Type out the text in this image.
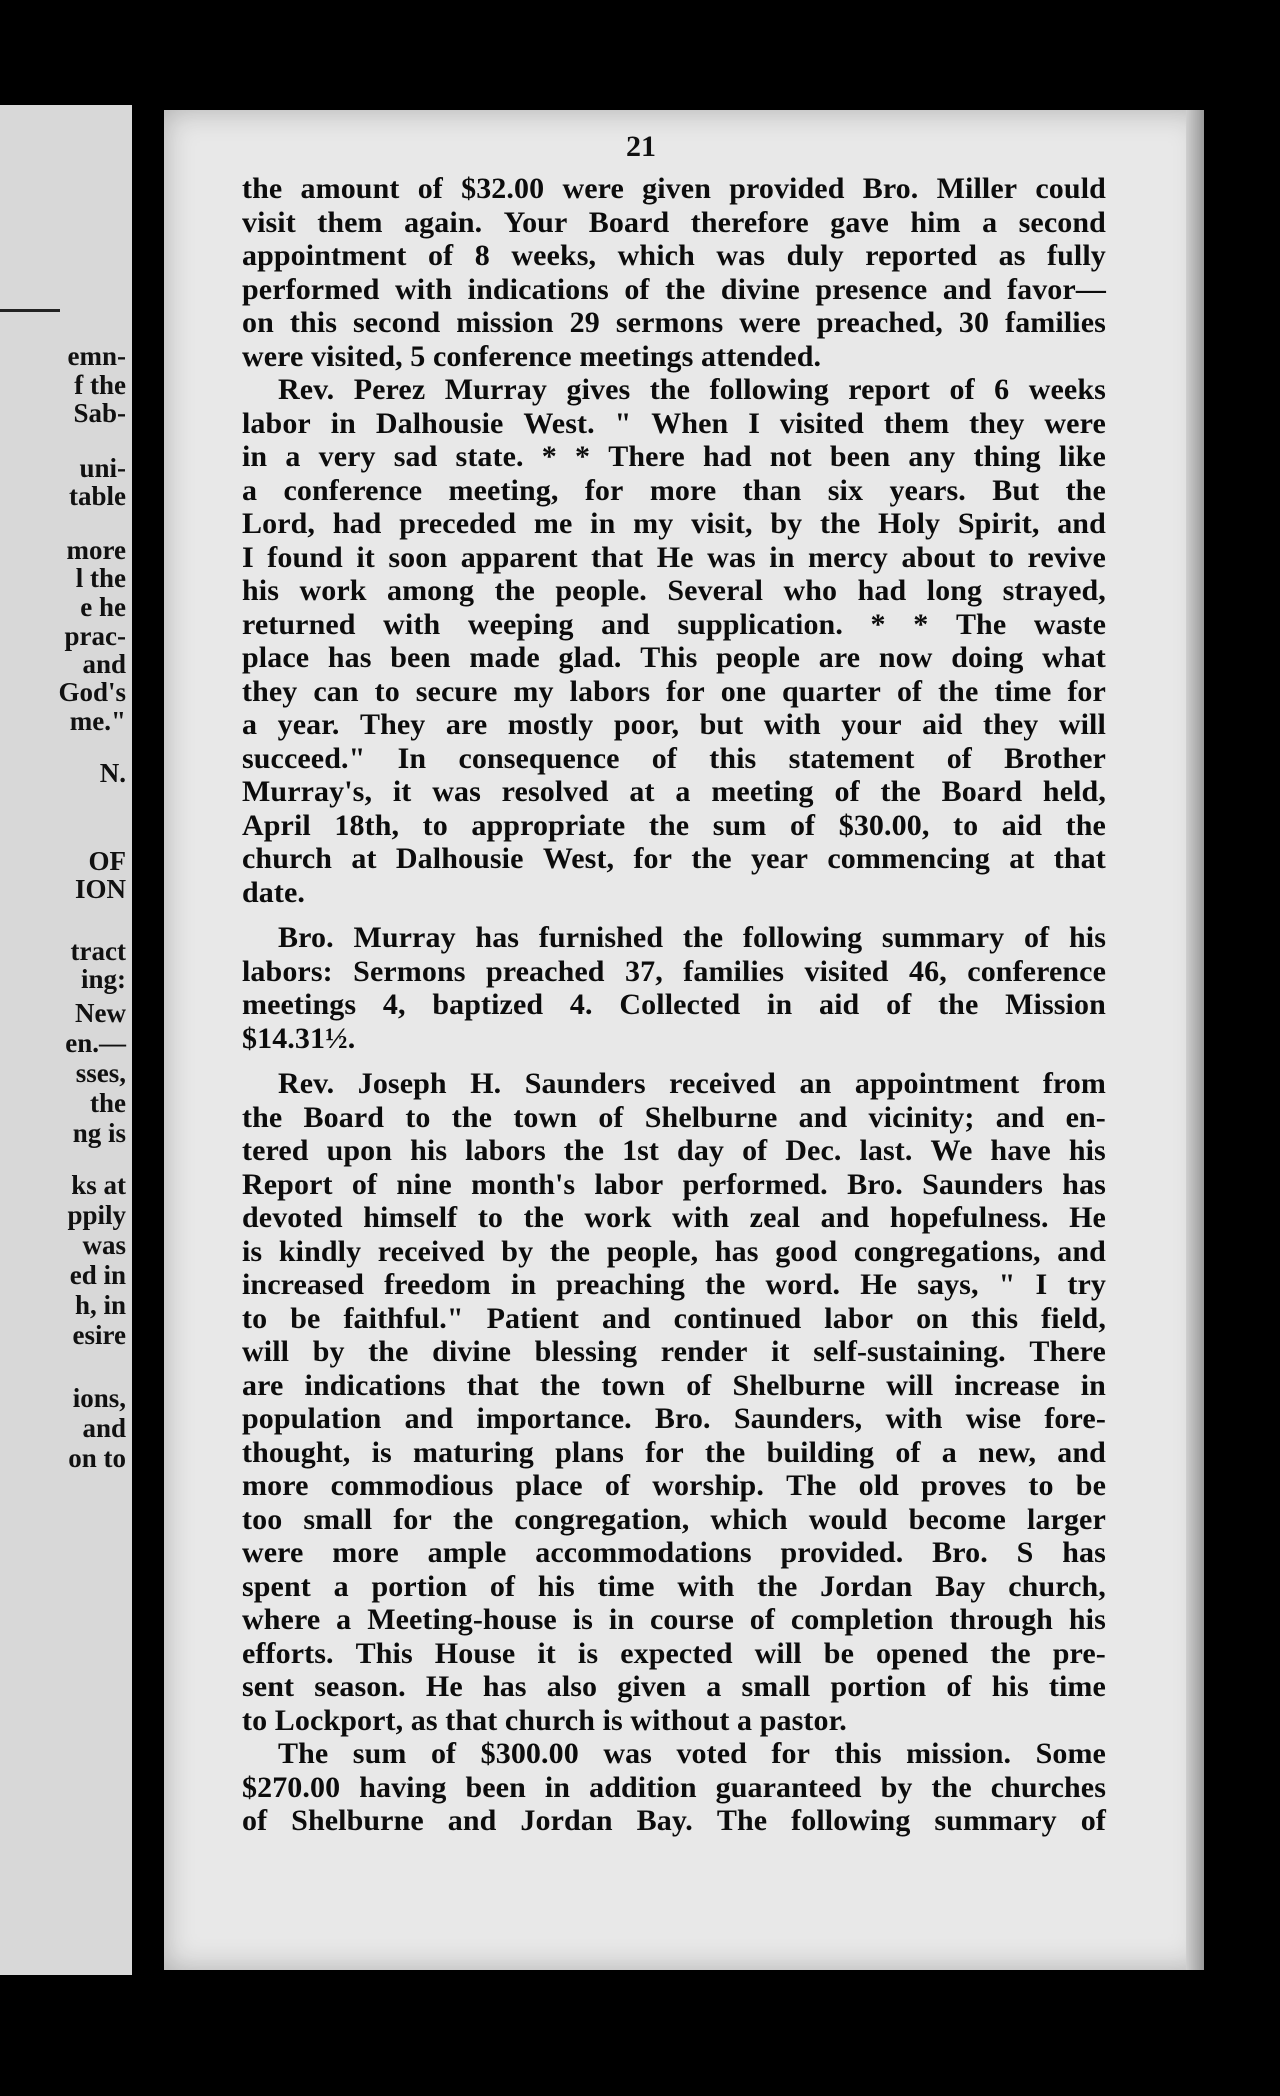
emn-
f the
Sab-
uni-
table
more
l the
e he
prac-
and
God's
me."
N.
OF
ION
tract
ing:
New
en.—
sses,
the
ng is
ks at
ppily
was
ed in
h, in
esire
ions,
and
on to
21
the amount of $32.00 were given provided Bro. Miller could
visit them again. Your Board therefore gave him a second
appointment of 8 weeks, which was duly reported as fully
performed with indications of the divine presence and favor—
on this second mission 29 sermons were preached, 30 families
were visited, 5 conference meetings attended.
Rev. Perez Murray gives the following report of 6 weeks
labor in Dalhousie West. " When I visited them they were
in a very sad state. * * There had not been any thing like
a conference meeting, for more than six years. But the
Lord, had preceded me in my visit, by the Holy Spirit, and
I found it soon apparent that He was in mercy about to revive
his work among the people. Several who had long strayed,
returned with weeping and supplication. * * The waste
place has been made glad. This people are now doing what
they can to secure my labors for one quarter of the time for
a year. They are mostly poor, but with your aid they will
succeed." In consequence of this statement of Brother
Murray's, it was resolved at a meeting of the Board held,
April 18th, to appropriate the sum of $30.00, to aid the
church at Dalhousie West, for the year commencing at that
date.
Bro. Murray has furnished the following summary of his
labors: Sermons preached 37, families visited 46, conference
meetings 4, baptized 4. Collected in aid of the Mission
$14.31½.
Rev. Joseph H. Saunders received an appointment from
the Board to the town of Shelburne and vicinity; and en-
tered upon his labors the 1st day of Dec. last. We have his
Report of nine month's labor performed. Bro. Saunders has
devoted himself to the work with zeal and hopefulness. He
is kindly received by the people, has good congregations, and
increased freedom in preaching the word. He says, " I try
to be faithful." Patient and continued labor on this field,
will by the divine blessing render it self-sustaining. There
are indications that the town of Shelburne will increase in
population and importance. Bro. Saunders, with wise fore-
thought, is maturing plans for the building of a new, and
more commodious place of worship. The old proves to be
too small for the congregation, which would become larger
were more ample accommodations provided. Bro. S has
spent a portion of his time with the Jordan Bay church,
where a Meeting-house is in course of completion through his
efforts. This House it is expected will be opened the pre-
sent season. He has also given a small portion of his time
to Lockport, as that church is without a pastor.
The sum of $300.00 was voted for this mission. Some
$270.00 having been in addition guaranteed by the churches
of Shelburne and Jordan Bay. The following summary of
